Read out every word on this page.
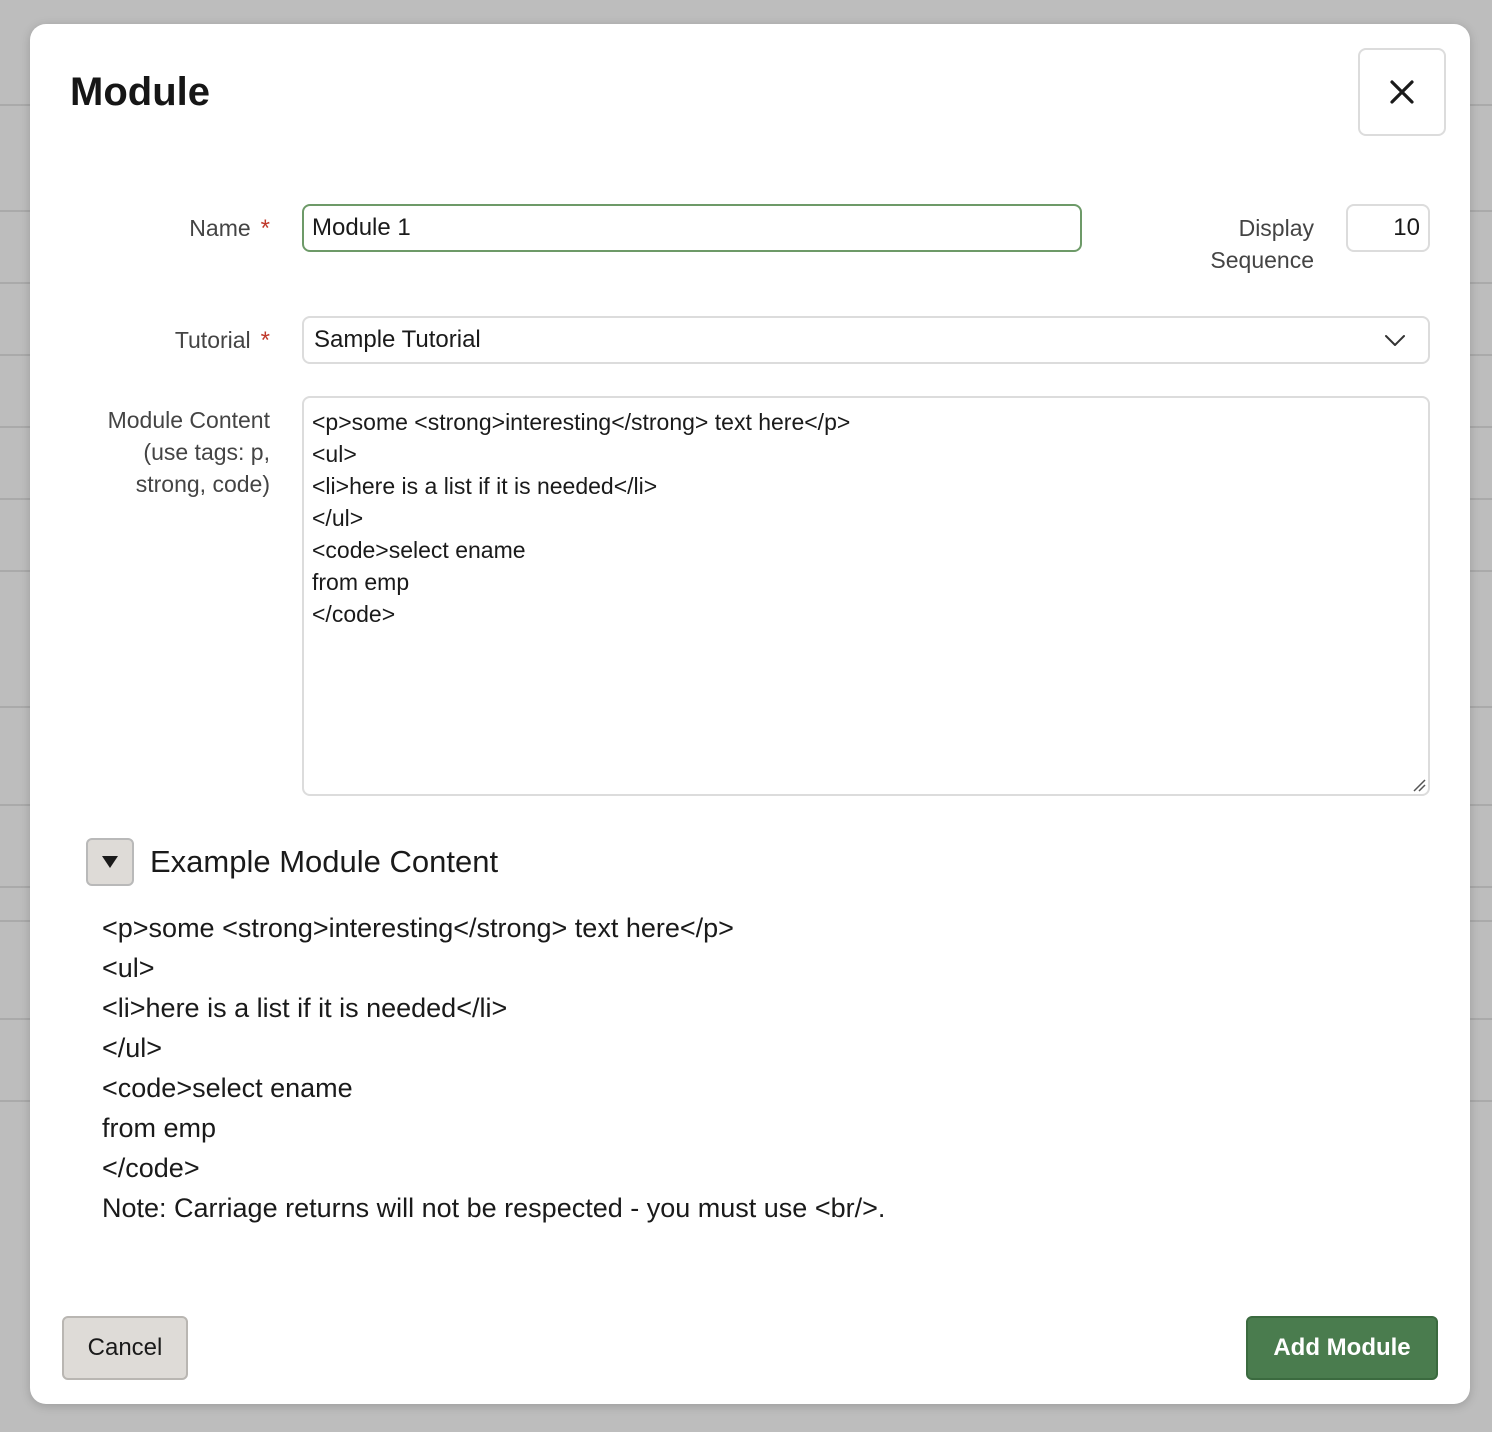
Module
Name * Module 1	Display
Sequence
10
Tutorial * Sample Tutorial
Module Content
(use tags: p,
strong, code)
<p>some <strong>interesting</strong> text here</p>
<ul>
<li>here is a list if it is needed</li>
</ul>
<code>select ename
from emp
</code>
Example Module Content
<p>some <strong>interesting</strong> text here</p>
<ul>
<li>here is a list if it is needed</li>
</ul>
<code>select ename
from emp
</code>
Note: Carriage returns will not be respected - you must use <br/>.
Cancel	Add Module
